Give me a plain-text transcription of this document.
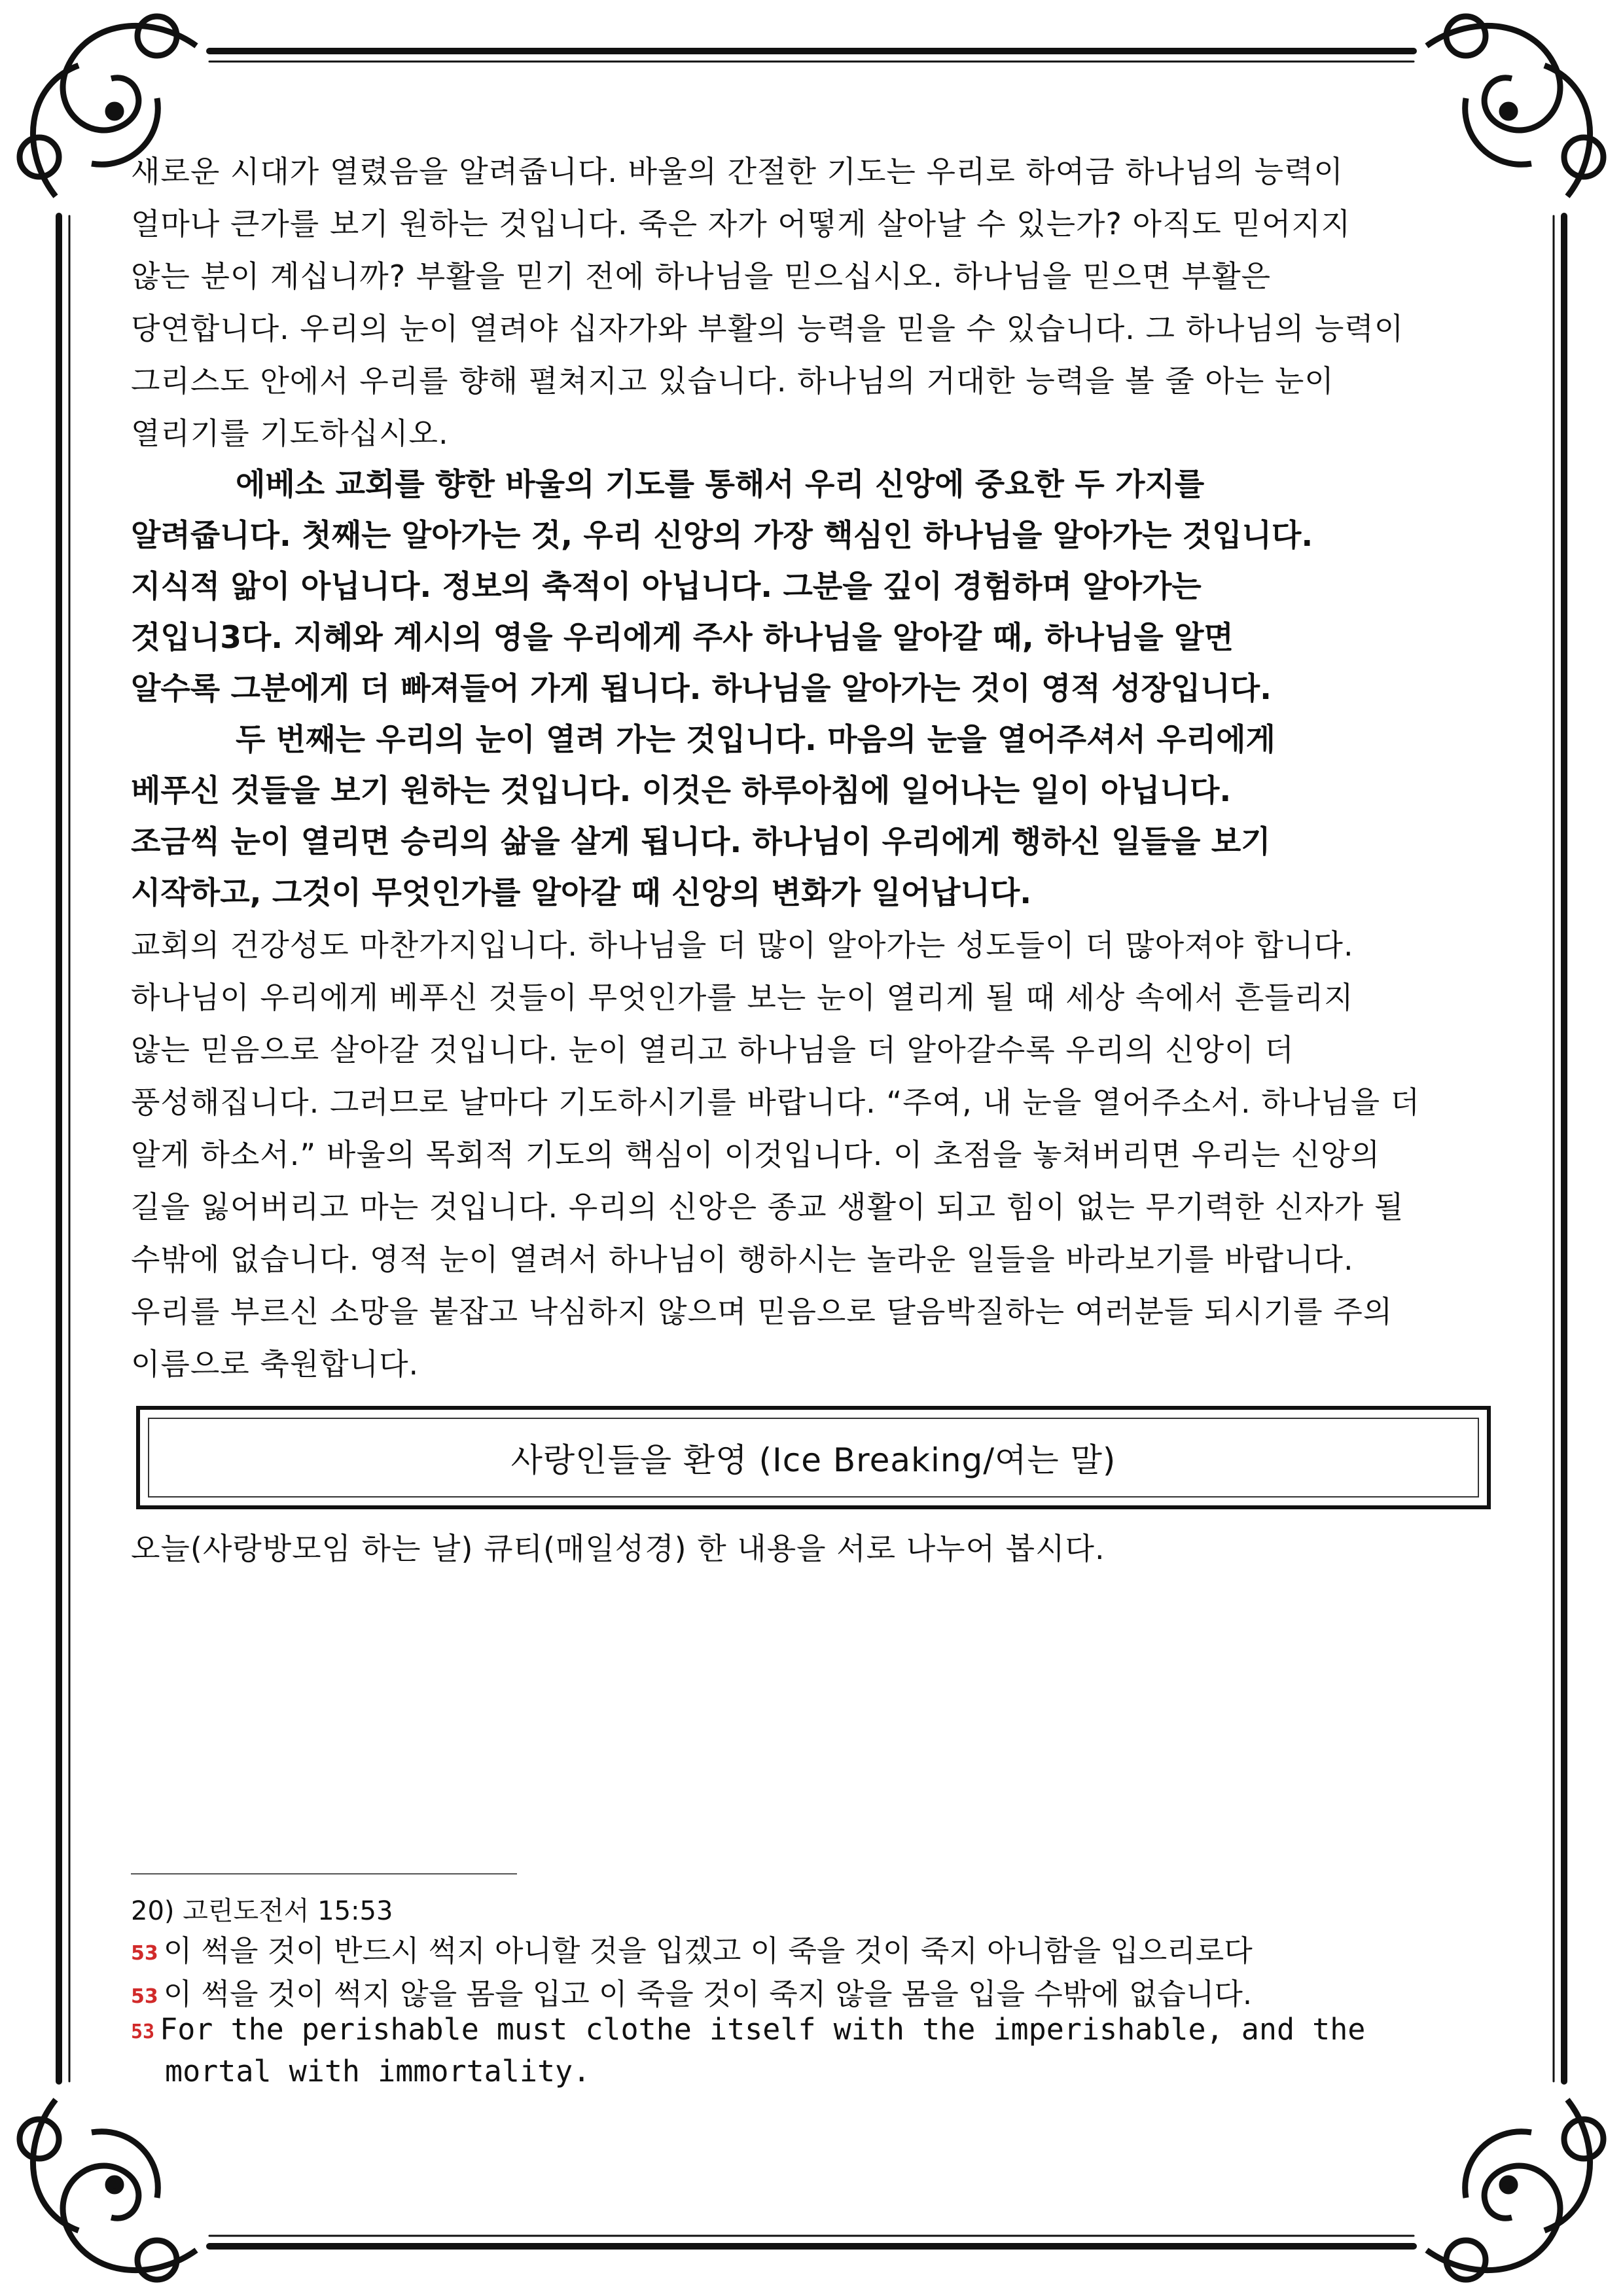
새로운 시대가 열렸음을 알려줍니다. 바울의 간절한 기도는 우리로 하여금 하나님의 능력이
얼마나 큰가를 보기 원하는 것입니다. 죽은 자가 어떻게 살아날 수 있는가? 아직도 믿어지지
않는 분이 계십니까? 부활을 믿기 전에 하나님을 믿으십시오. 하나님을 믿으면 부활은
당연합니다. 우리의 눈이 열려야 십자가와 부활의 능력을 믿을 수 있습니다. 그 하나님의 능력이
그리스도 안에서 우리를 향해 펼쳐지고 있습니다. 하나님의 거대한 능력을 볼 줄 아는 눈이
열리기를 기도하십시오.

에베소 교회를 향한 바울의 기도를 통해서 우리 신앙에 중요한 두 가지를
알려줍니다. 첫째는 알아가는 것, 우리 신앙의 가장 핵심인 하나님을 알아가는 것입니다.
지식적 앎이 아닙니다. 정보의 축적이 아닙니다. 그분을 깊이 경험하며 알아가는
것입니3다. 지혜와 계시의 영을 우리에게 주사 하나님을 알아갈 때, 하나님을 알면
알수록 그분에게 더 빠져들어 가게 됩니다. 하나님을 알아가는 것이 영적 성장입니다.

두 번째는 우리의 눈이 열려 가는 것입니다. 마음의 눈을 열어주셔서 우리에게
베푸신 것들을 보기 원하는 것입니다. 이것은 하루아침에 일어나는 일이 아닙니다.
조금씩 눈이 열리면 승리의 삶을 살게 됩니다. 하나님이 우리에게 행하신 일들을 보기
시작하고, 그것이 무엇인가를 알아갈 때 신앙의 변화가 일어납니다.

교회의 건강성도 마찬가지입니다. 하나님을 더 많이 알아가는 성도들이 더 많아져야 합니다.
하나님이 우리에게 베푸신 것들이 무엇인가를 보는 눈이 열리게 될 때 세상 속에서 흔들리지
않는 믿음으로 살아갈 것입니다. 눈이 열리고 하나님을 더 알아갈수록 우리의 신앙이 더
풍성해집니다. 그러므로 날마다 기도하시기를 바랍니다. “주여, 내 눈을 열어주소서. 하나님을 더
알게 하소서.” 바울의 목회적 기도의 핵심이 이것입니다. 이 초점을 놓쳐버리면 우리는 신앙의
길을 잃어버리고 마는 것입니다. 우리의 신앙은 종교 생활이 되고 힘이 없는 무기력한 신자가 될
수밖에 없습니다. 영적 눈이 열려서 하나님이 행하시는 놀라운 일들을 바라보기를 바랍니다.
우리를 부르신 소망을 붙잡고 낙심하지 않으며 믿음으로 달음박질하는 여러분들 되시기를 주의
이름으로 축원합니다.

사랑인들을 환영 (Ice Breaking/여는 말)
오늘(사랑방모임 하는 날) 큐티(매일성경) 한 내용을 서로 나누어 봅시다.
20) 고린도전서 15:53
53 이 썩을 것이 반드시 썩지 아니할 것을 입겠고 이 죽을 것이 죽지 아니함을 입으리로다
53 이 썩을 것이 썩지 않을 몸을 입고 이 죽을 것이 죽지 않을 몸을 입을 수밖에 없습니다.
53 For the perishable must clothe itself with the imperishable, and the
mortal with immortality.
